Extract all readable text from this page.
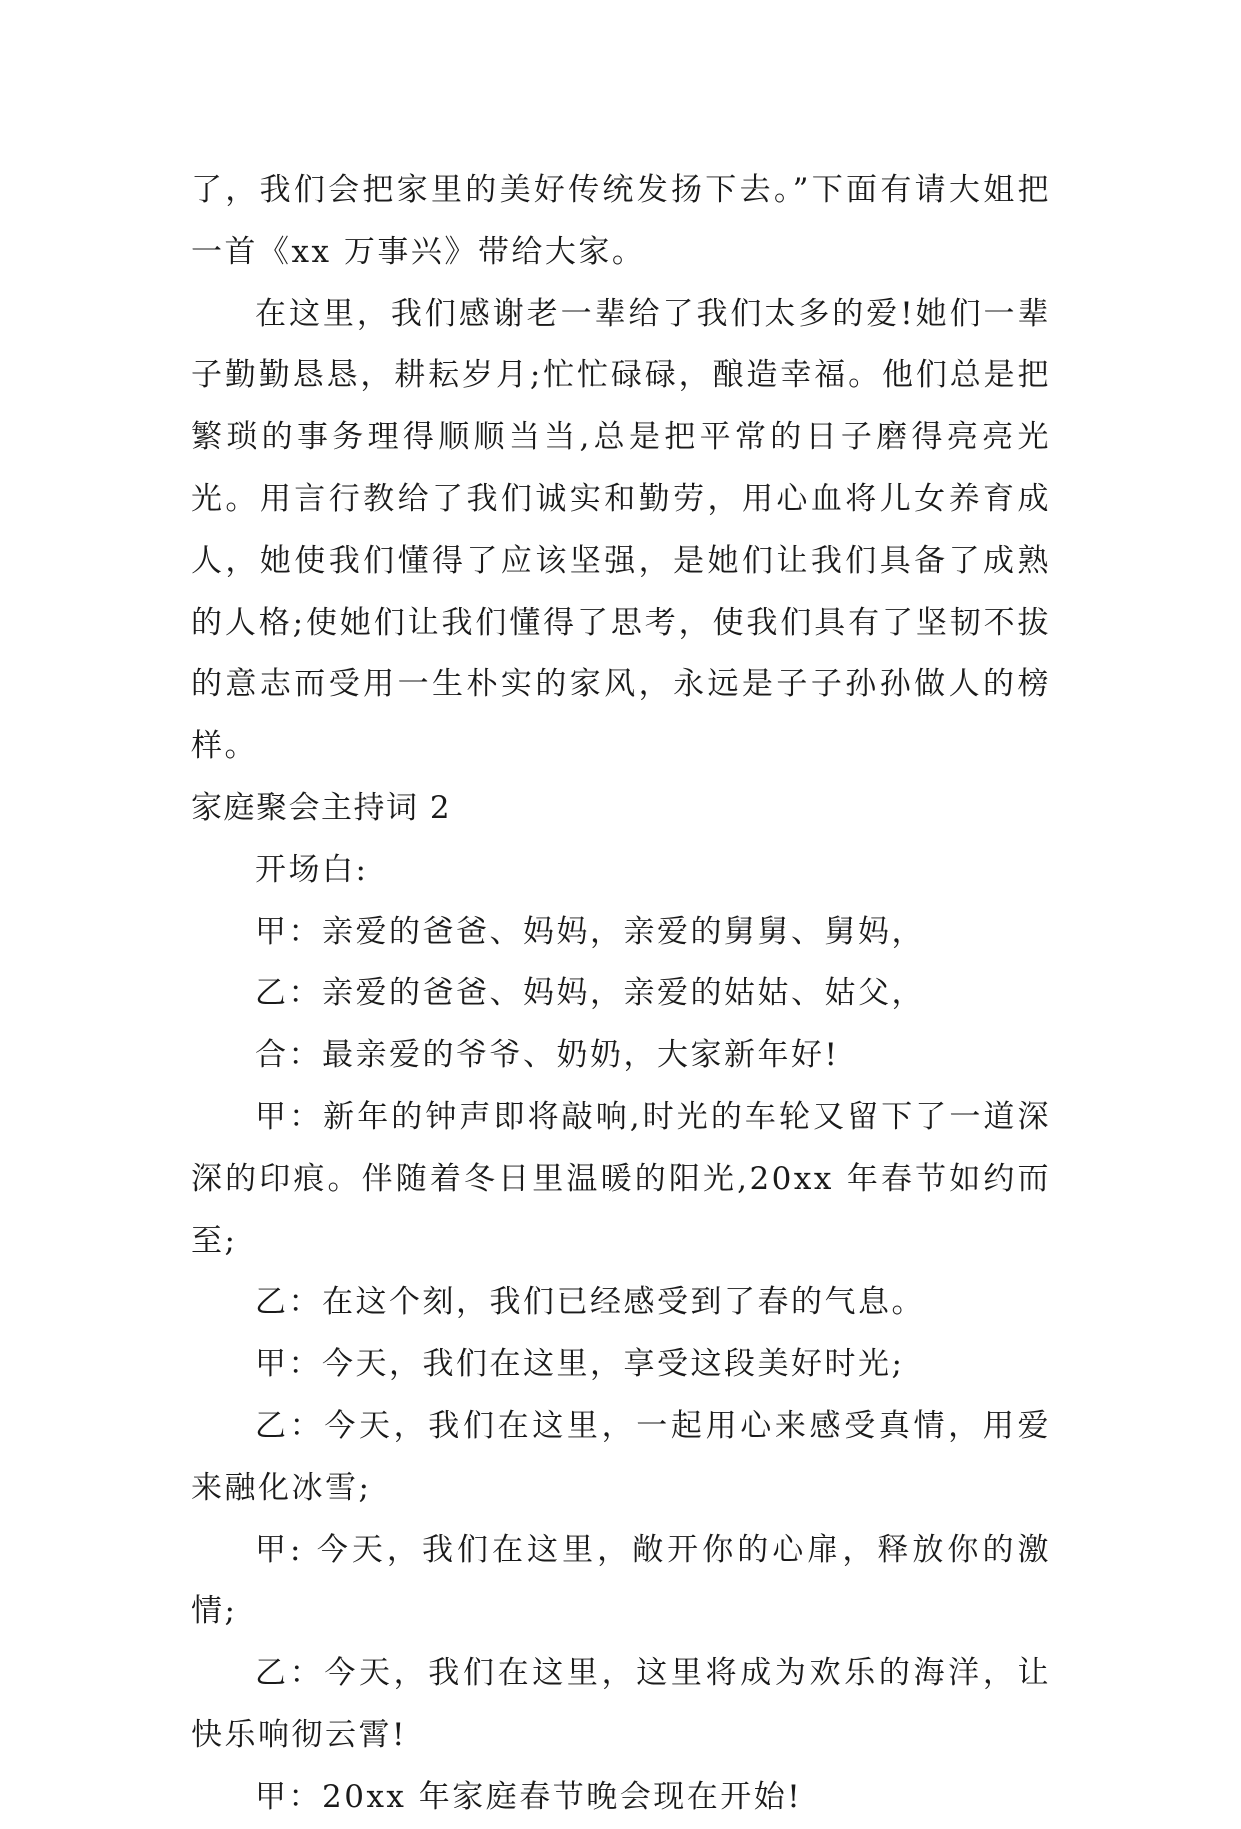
了，我们会把家里的美好传统发扬下去。”下面有请大姐把一首《xx 万事兴》带给大家。

在这里，我们感谢老一辈给了我们太多的爱!她们一辈子勤勤恳恳，耕耘岁月;忙忙碌碌，酿造幸福。他们总是把繁琐的事务理得顺顺当当,总是把平常的日子磨得亮亮光光。用言行教给了我们诚实和勤劳，用心血将儿女养育成人，她使我们懂得了应该坚强，是她们让我们具备了成熟的人格;使她们让我们懂得了思考，使我们具有了坚韧不拔的意志而受用一生朴实的家风，永远是子子孙孙做人的榜样。

家庭聚会主持词 2

开场白:

甲：亲爱的爸爸、妈妈，亲爱的舅舅、舅妈，

乙：亲爱的爸爸、妈妈，亲爱的姑姑、姑父，

合：最亲爱的爷爷、奶奶，大家新年好!

甲：新年的钟声即将敲响,时光的车轮又留下了一道深深的印痕。伴随着冬日里温暖的阳光,20xx 年春节如约而至;

乙：在这个刻，我们已经感受到了春的气息。

甲：今天，我们在这里，享受这段美好时光;

乙：今天，我们在这里，一起用心来感受真情，用爱来融化冰雪;

甲: 今天，我们在这里，敞开你的心扉，释放你的激情;

乙：今天，我们在这里，这里将成为欢乐的海洋，让快乐响彻云霄!

甲：20xx 年家庭春节晚会现在开始!
